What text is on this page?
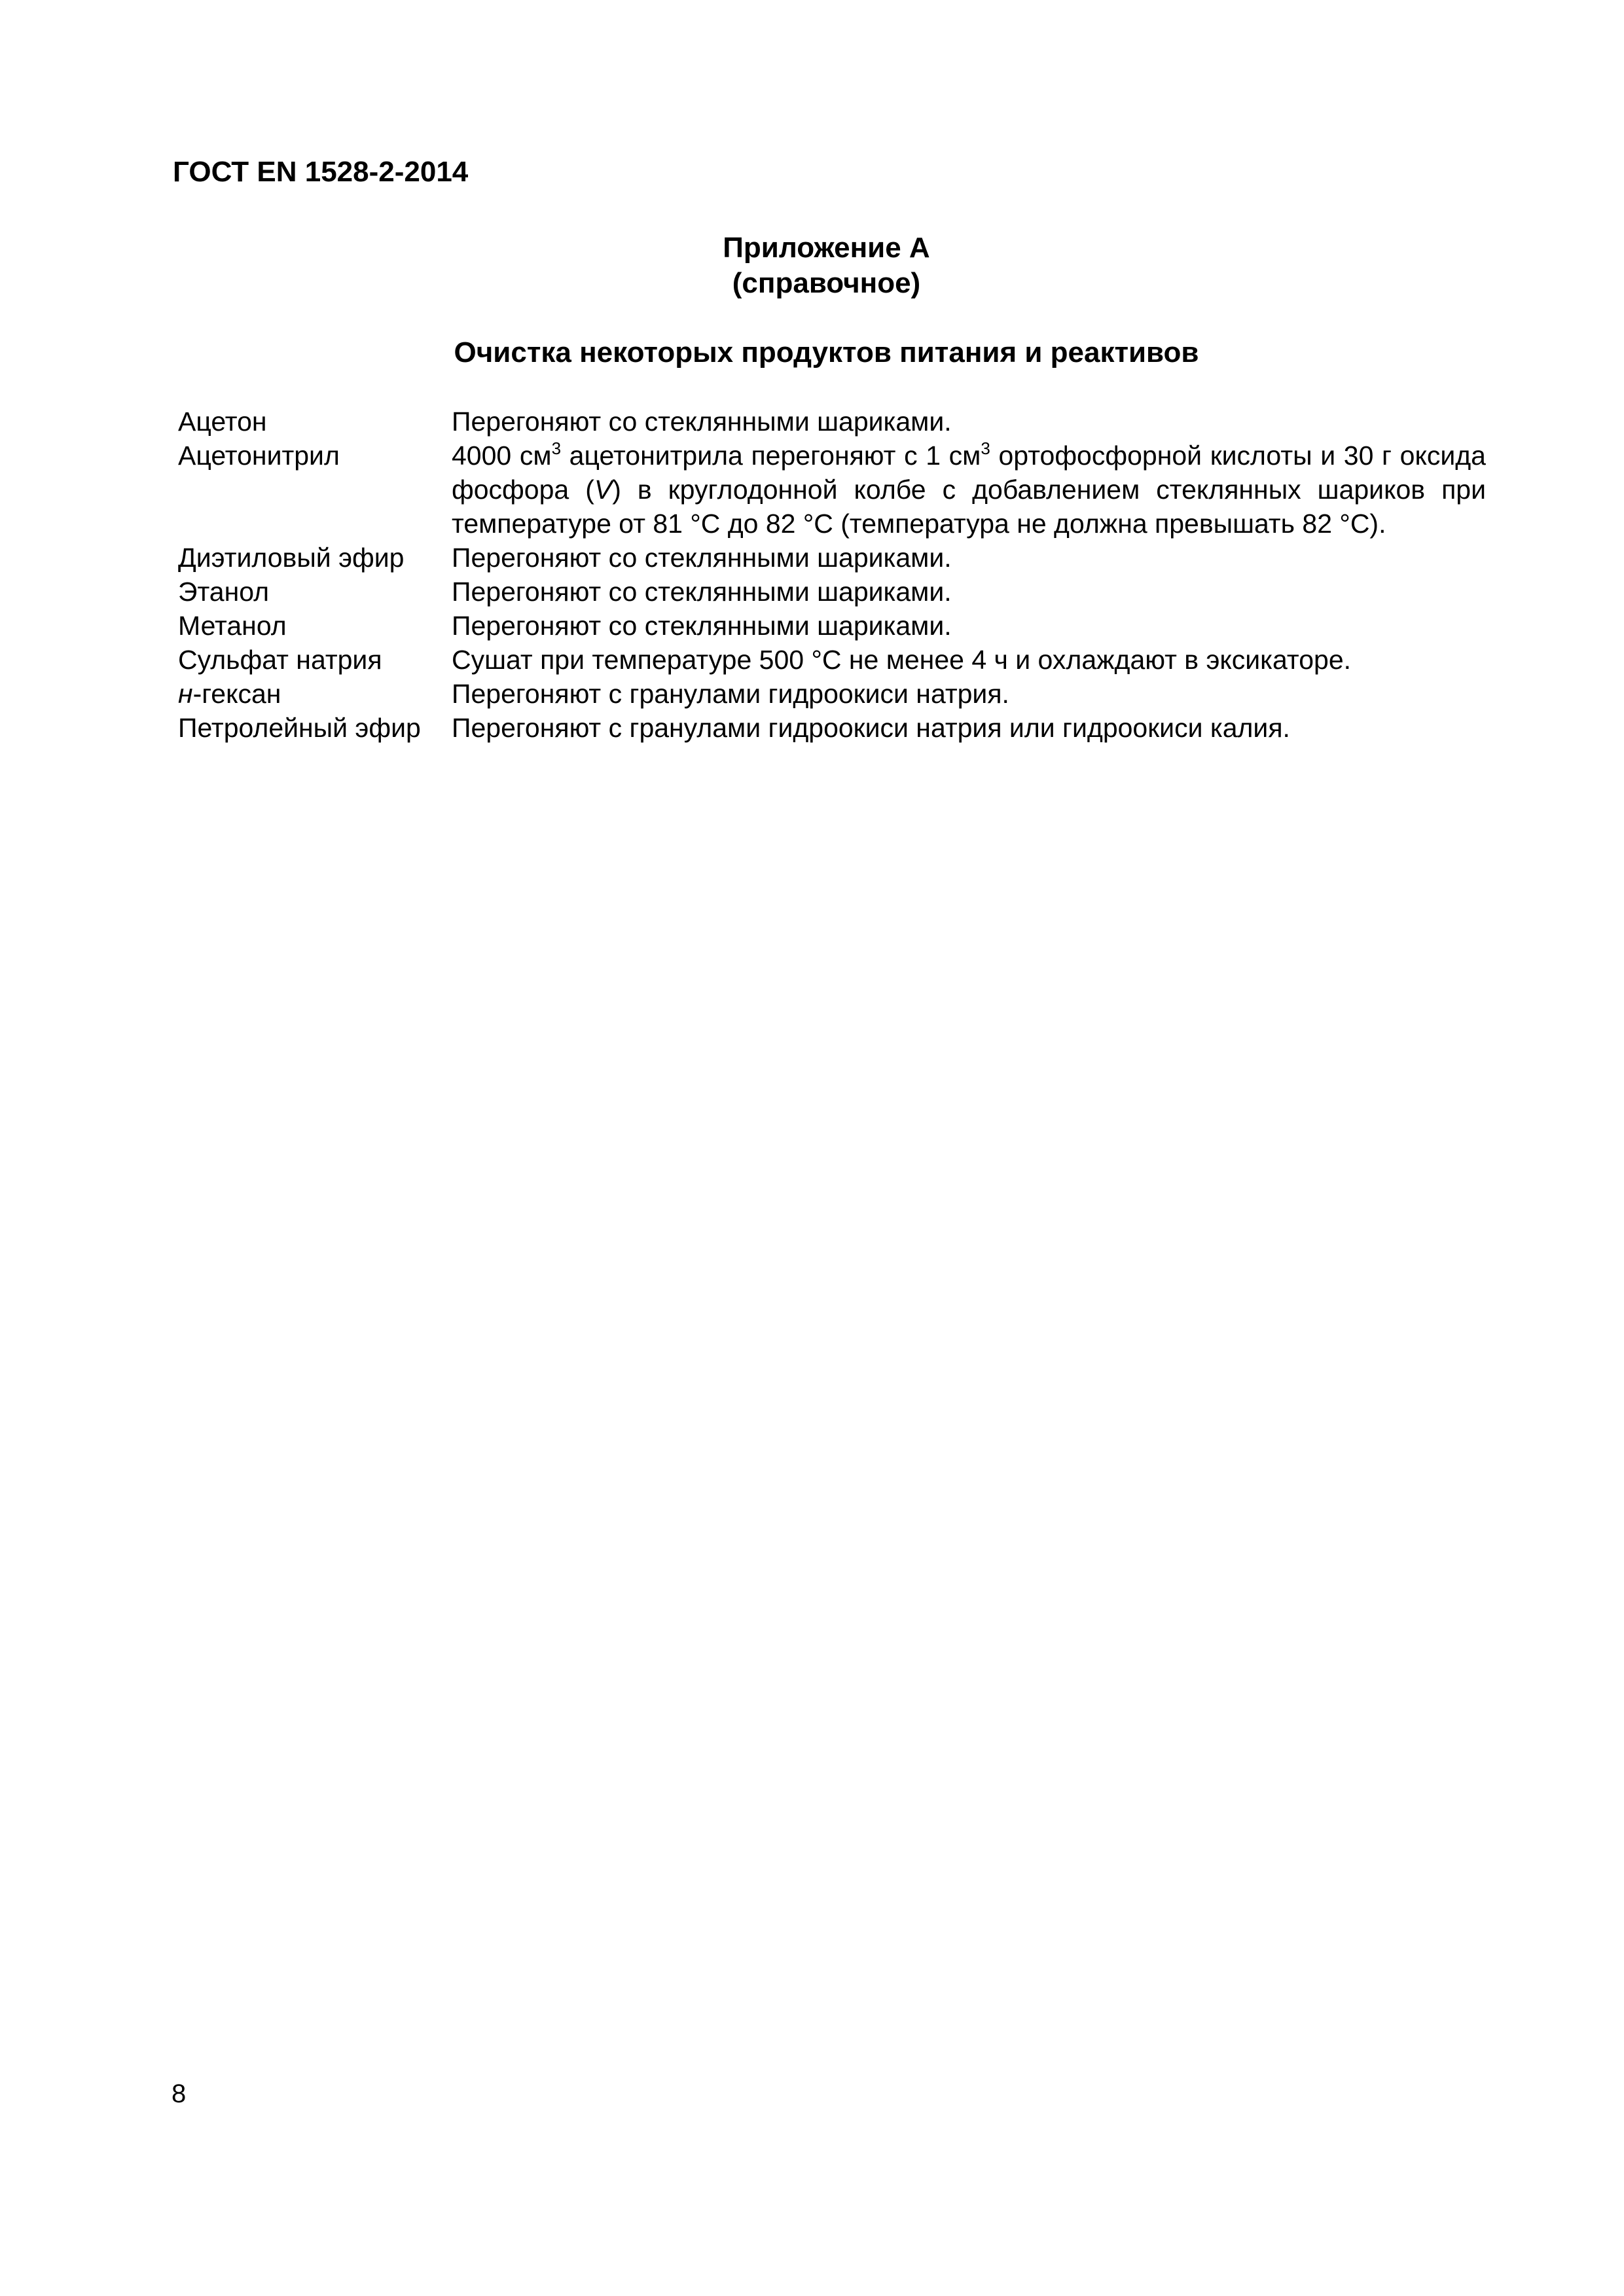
ГОСТ EN 1528-2-2014

Приложение А

(справочное)

Очистка некоторых продуктов питания и реактивов

Ацетон	Перегоняют со стеклянными шариками.
Ацетонитрил	4000 $см^3$ ацетонитрила перегоняют с 1 $см^3$ ортофосфорной кислоты и 30 г оксида фосфора (V) в круглодонной колбе с добавлением стеклянных шариков при температуре от 81 °С до 82 °С (температура не должна превышать 82 °С).
Диэтиловый эфир	Перегоняют со стеклянными шариками.
Этанол	Перегоняют со стеклянными шариками.
Метанол	Перегоняют со стеклянными шариками.
Сульфат натрия	Сушат при температуре 500 °С не менее 4 ч и охлаждают в эксикаторе.
н-гексан	Перегоняют с гранулами гидроокиси натрия.
Петролейный эфир	Перегоняют с гранулами гидроокиси натрия или гидроокиси калия.
8
